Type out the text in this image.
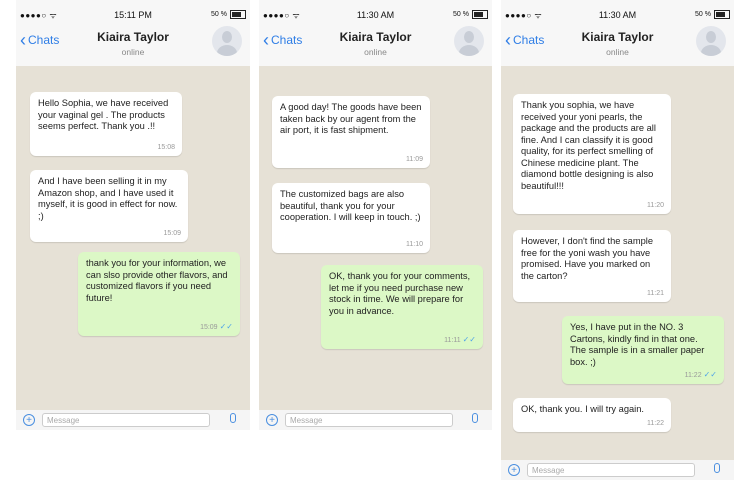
●●●●○ ᯤ	15:11 PM	50 %
‹ Chats	Kiaira Taylor
online
Hello Sophia, we have received your vaginal gel . The products seems perfect. Thank you .!!
15:08
And I have been selling it in my Amazon shop, and I have used it myself, it is good in effect for now. ;)
15:09
thank you for your information, we can slso provide other flavors, and customized flavors if you need future!
15:09 ✓✓
+	Message
●●●●○ ᯤ	11:30 AM	50 %
‹ Chats	Kiaira Taylor
online
A good day! The goods have been taken back by our agent from the air port, it is fast shipment.
11:09
The customized bags are also beautiful, thank you for your cooperation. I will keep in touch. ;)
11:10
OK, thank you for your comments, let me if you need purchase new stock in time. We will prepare for you in advance.
11:11 ✓✓
+	Message
●●●●○ ᯤ	11:30 AM	50 %
‹ Chats	Kiaira Taylor
online
Thank you sophia, we have received your yoni pearls, the package and the products are all fine. And I can classify it is good quality, for its perfect smelling of Chinese medicine plant. The diamond bottle designing is also beautiful!!!
11:20
However, I don't find the sample free for the yoni wash you have promised. Have you marked on the carton?
11:21
Yes, I have put in the NO. 3 Cartons, kindly find in that one. The sample is in a smaller paper box. ;)
11:22 ✓✓
OK, thank you. I will try again.
11:22
+	Message
